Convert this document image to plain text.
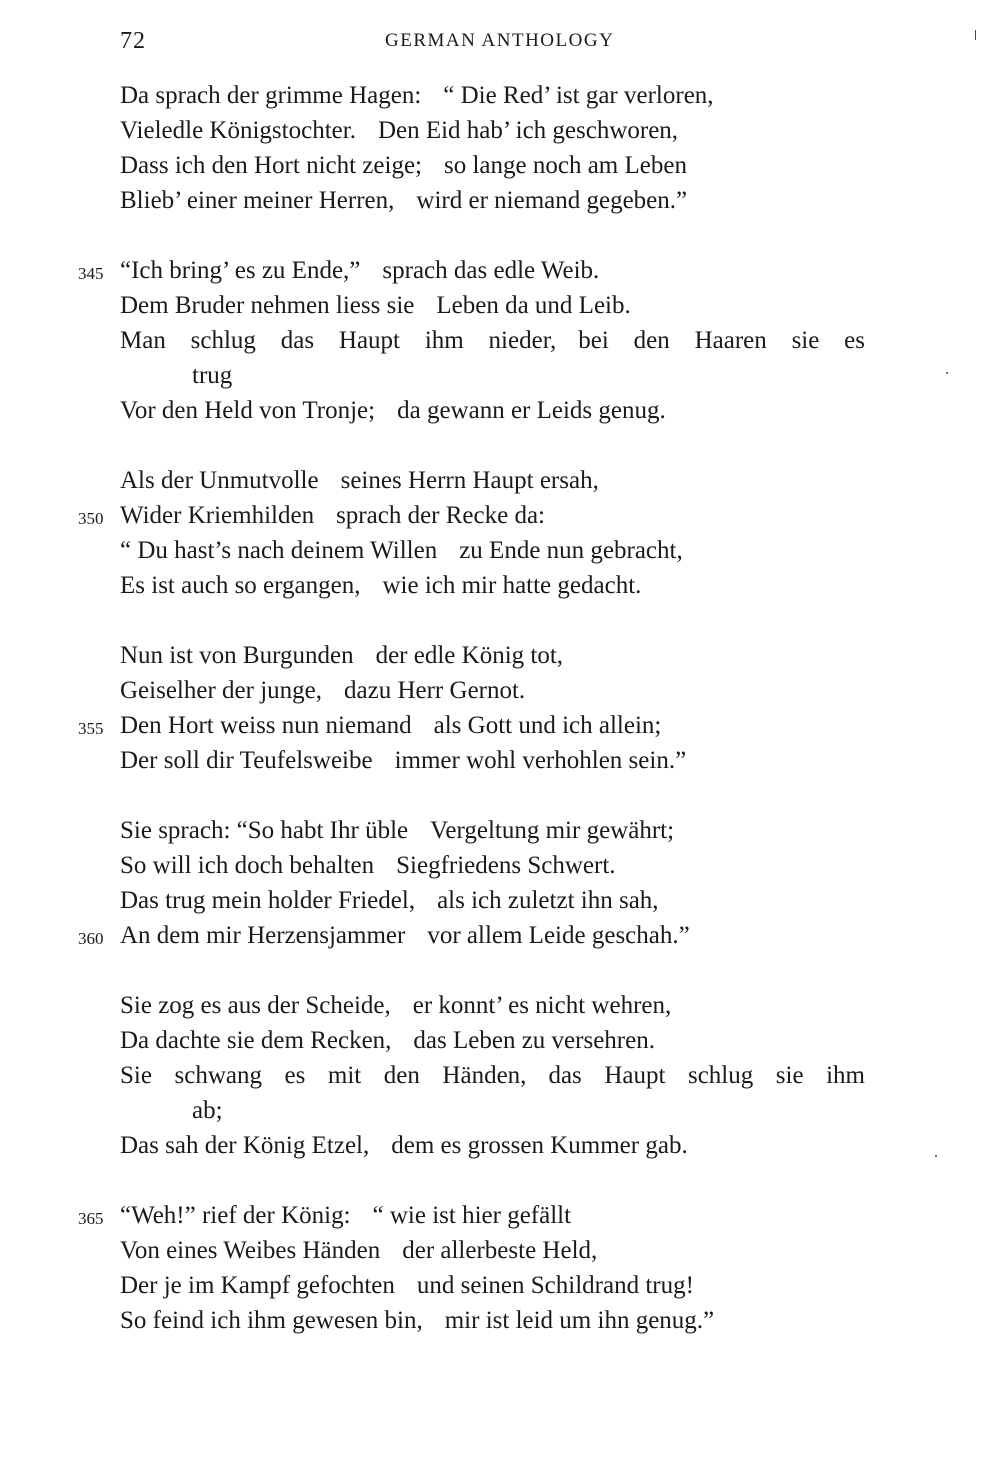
72	GERMAN ANTHOLOGY
Da sprach der grimme Hagen: “ Die Red’ ist gar verloren,
Vieledle Königstochter. Den Eid hab’ ich geschworen,
Dass ich den Hort nicht zeige; so lange noch am Leben
Blieb’ einer meiner Herren, wird er niemand gegeben.”
345 “Ich bring’ es zu Ende,” sprach das edle Weib.
Dem Bruder nehmen liess sie Leben da und Leib.
Man schlug das Haupt ihm nieder, bei den Haaren sie es
trug
Vor den Held von Tronje; da gewann er Leids genug.
Als der Unmutvolle seines Herrn Haupt ersah,
350 Wider Kriemhilden sprach der Recke da:
“ Du hast’s nach deinem Willen zu Ende nun gebracht,
Es ist auch so ergangen, wie ich mir hatte gedacht.
Nun ist von Burgunden der edle König tot,
Geiselher der junge, dazu Herr Gernot.
355 Den Hort weiss nun niemand als Gott und ich allein;
Der soll dir Teufelsweibe immer wohl verhohlen sein.”
Sie sprach: “So habt Ihr üble Vergeltung mir gewährt;
So will ich doch behalten Siegfriedens Schwert.
Das trug mein holder Friedel, als ich zuletzt ihn sah,
360 An dem mir Herzensjammer vor allem Leide geschah.”
Sie zog es aus der Scheide, er konnt’ es nicht wehren,
Da dachte sie dem Recken, das Leben zu versehren.
Sie schwang es mit den Händen, das Haupt schlug sie ihm
ab;
Das sah der König Etzel, dem es grossen Kummer gab.
365 “Weh!” rief der König: “ wie ist hier gefällt
Von eines Weibes Händen der allerbeste Held,
Der je im Kampf gefochten und seinen Schildrand trug!
So feind ich ihm gewesen bin, mir ist leid um ihn genug.”
